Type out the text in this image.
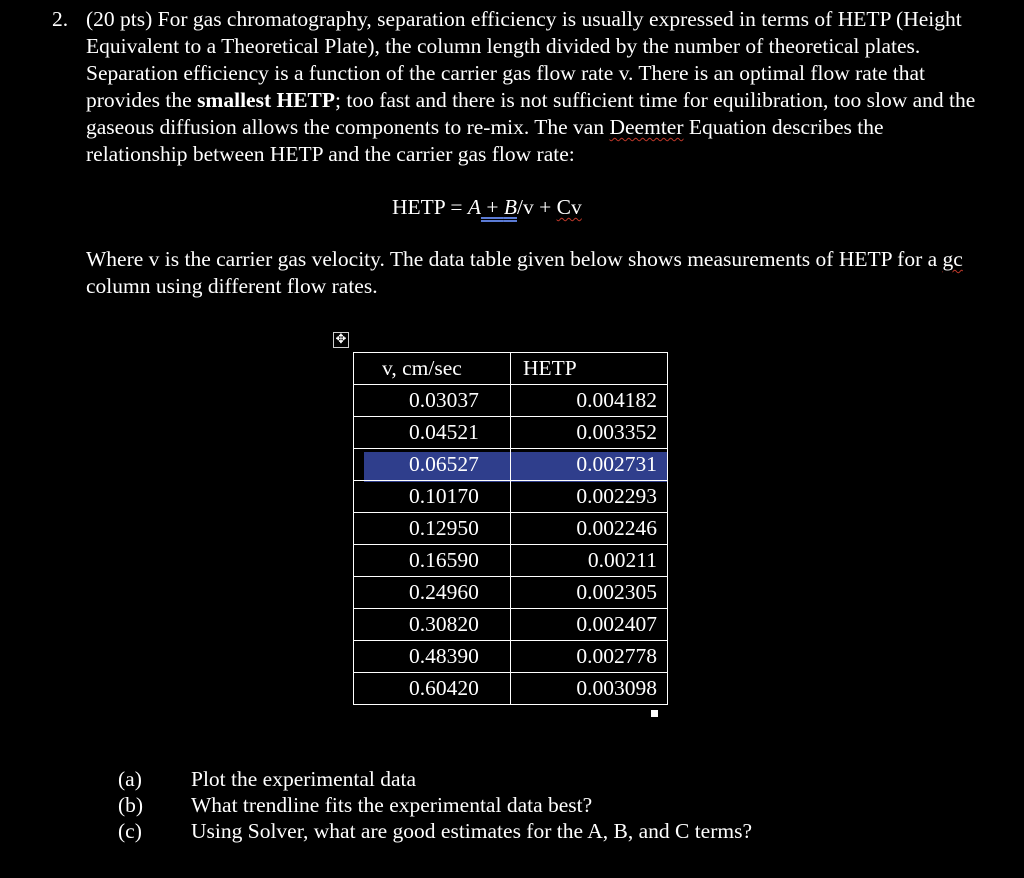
2. (20 pts) For gas chromatography, separation efficiency is usually expressed in terms of HETP (Height Equivalent to a Theoretical Plate), the column length divided by the number of theoretical plates. Separation efficiency is a function of the carrier gas flow rate v. There is an optimal flow rate that provides the smallest HETP; too fast and there is not sufficient time for equilibration, too slow and the gaseous diffusion allows the components to re-mix. The van Deemter Equation describes the relationship between HETP and the carrier gas flow rate:
HETP = A + B/v + Cv
Where v is the carrier gas velocity. The data table given below shows measurements of HETP for a gc column using different flow rates.
✥
v, cm/sec	HETP
0.03037	0.004182
0.04521	0.003352
0.06527	0.002731
0.10170	0.002293
0.12950	0.002246
0.16590	0.00211
0.24960	0.002305
0.30820	0.002407
0.48390	0.002778
0.60420	0.003098
(a)	Plot the experimental data
(b)	What trendline fits the experimental data best?
(c)	Using Solver, what are good estimates for the A, B, and C terms?
